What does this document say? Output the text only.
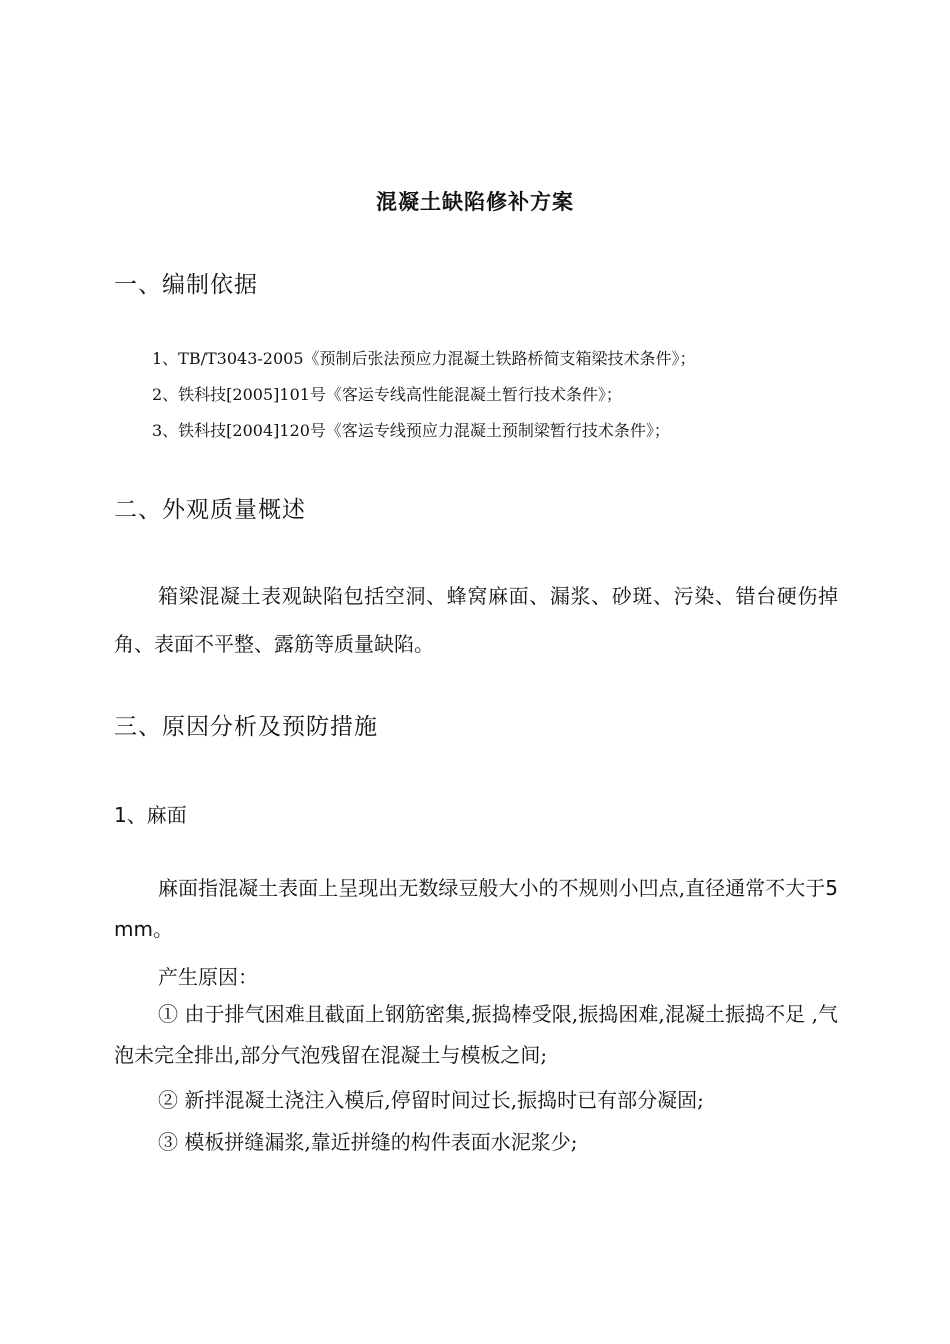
混凝土缺陷修补方案
一、编制依据
1、TB/T3043-2005《预制后张法预应力混凝土铁路桥简支箱梁技术条件》；
2、铁科技[2005]101号《客运专线高性能混凝土暂行技术条件》；
3、铁科技[2004]120号《客运专线预应力混凝土预制梁暂行技术条件》；
二、外观质量概述
箱梁混凝土表观缺陷包括空洞、蜂窝麻面、漏浆、砂斑、污染、错台硬伤掉角、表面不平整、露筋等质量缺陷。
三、原因分析及预防措施
1、麻面
麻面指混凝土表面上呈现出无数绿豆般大小的不规则小凹点,直径通常不大于5 mm。
产生原因：
① 由于排气困难且截面上钢筋密集,振捣棒受限,振捣困难,混凝土振捣不足 ,气泡未完全排出,部分气泡残留在混凝土与模板之间;
② 新拌混凝土浇注入模后,停留时间过长,振捣时已有部分凝固;
③ 模板拼缝漏浆,靠近拼缝的构件表面水泥浆少;
